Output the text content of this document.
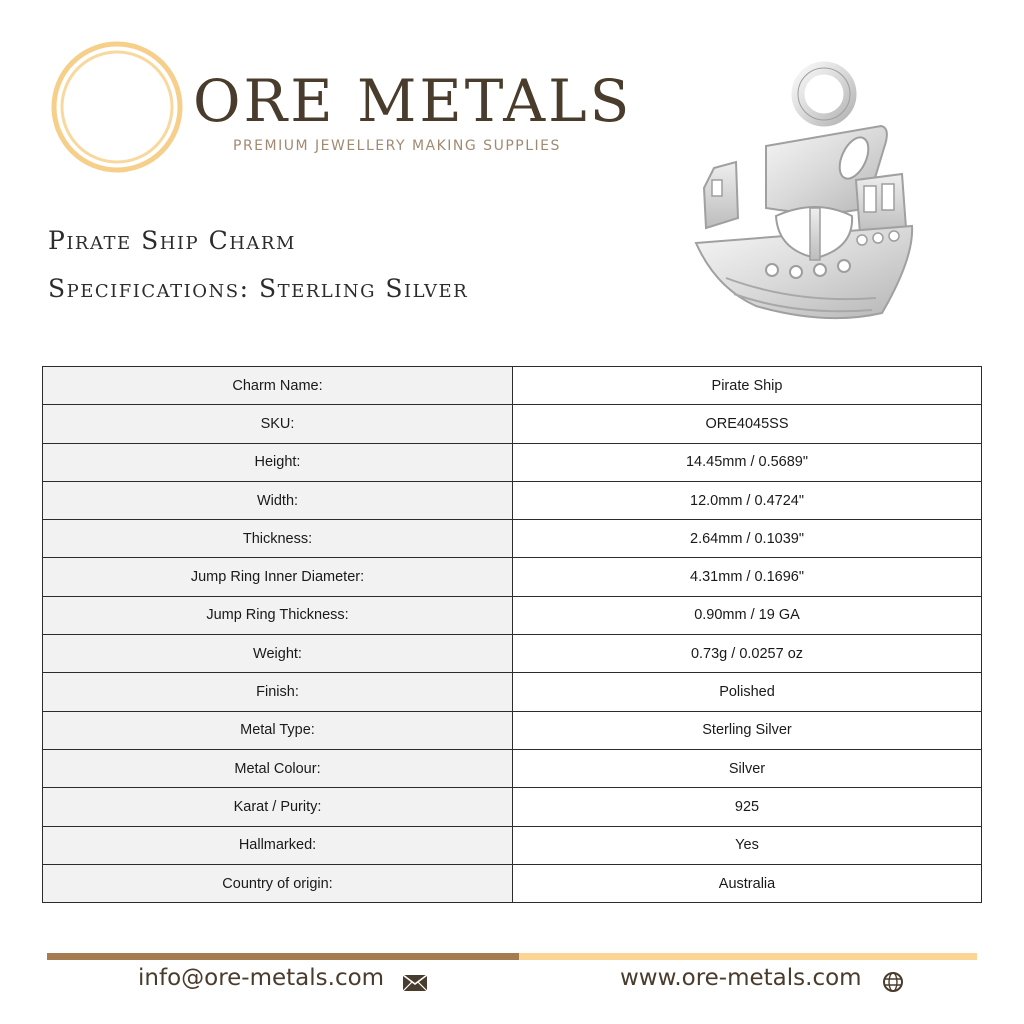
ORE METALS
PREMIUM JEWELLERY MAKING SUPPLIES
Pirate Ship Charm
Specifications: Sterling Silver
Charm Name:	Pirate Ship
SKU:	ORE4045SS
Height:	14.45mm / 0.5689"
Width:	12.0mm / 0.4724"
Thickness:	2.64mm / 0.1039"
Jump Ring Inner Diameter:	4.31mm / 0.1696"
Jump Ring Thickness:	0.90mm / 19 GA
Weight:	0.73g / 0.0257 oz
Finish:	Polished
Metal Type:	Sterling Silver
Metal Colour:	Silver
Karat / Purity:	925
Hallmarked:	Yes
Country of origin:	Australia
info@ore-metals.com	www.ore-metals.com
